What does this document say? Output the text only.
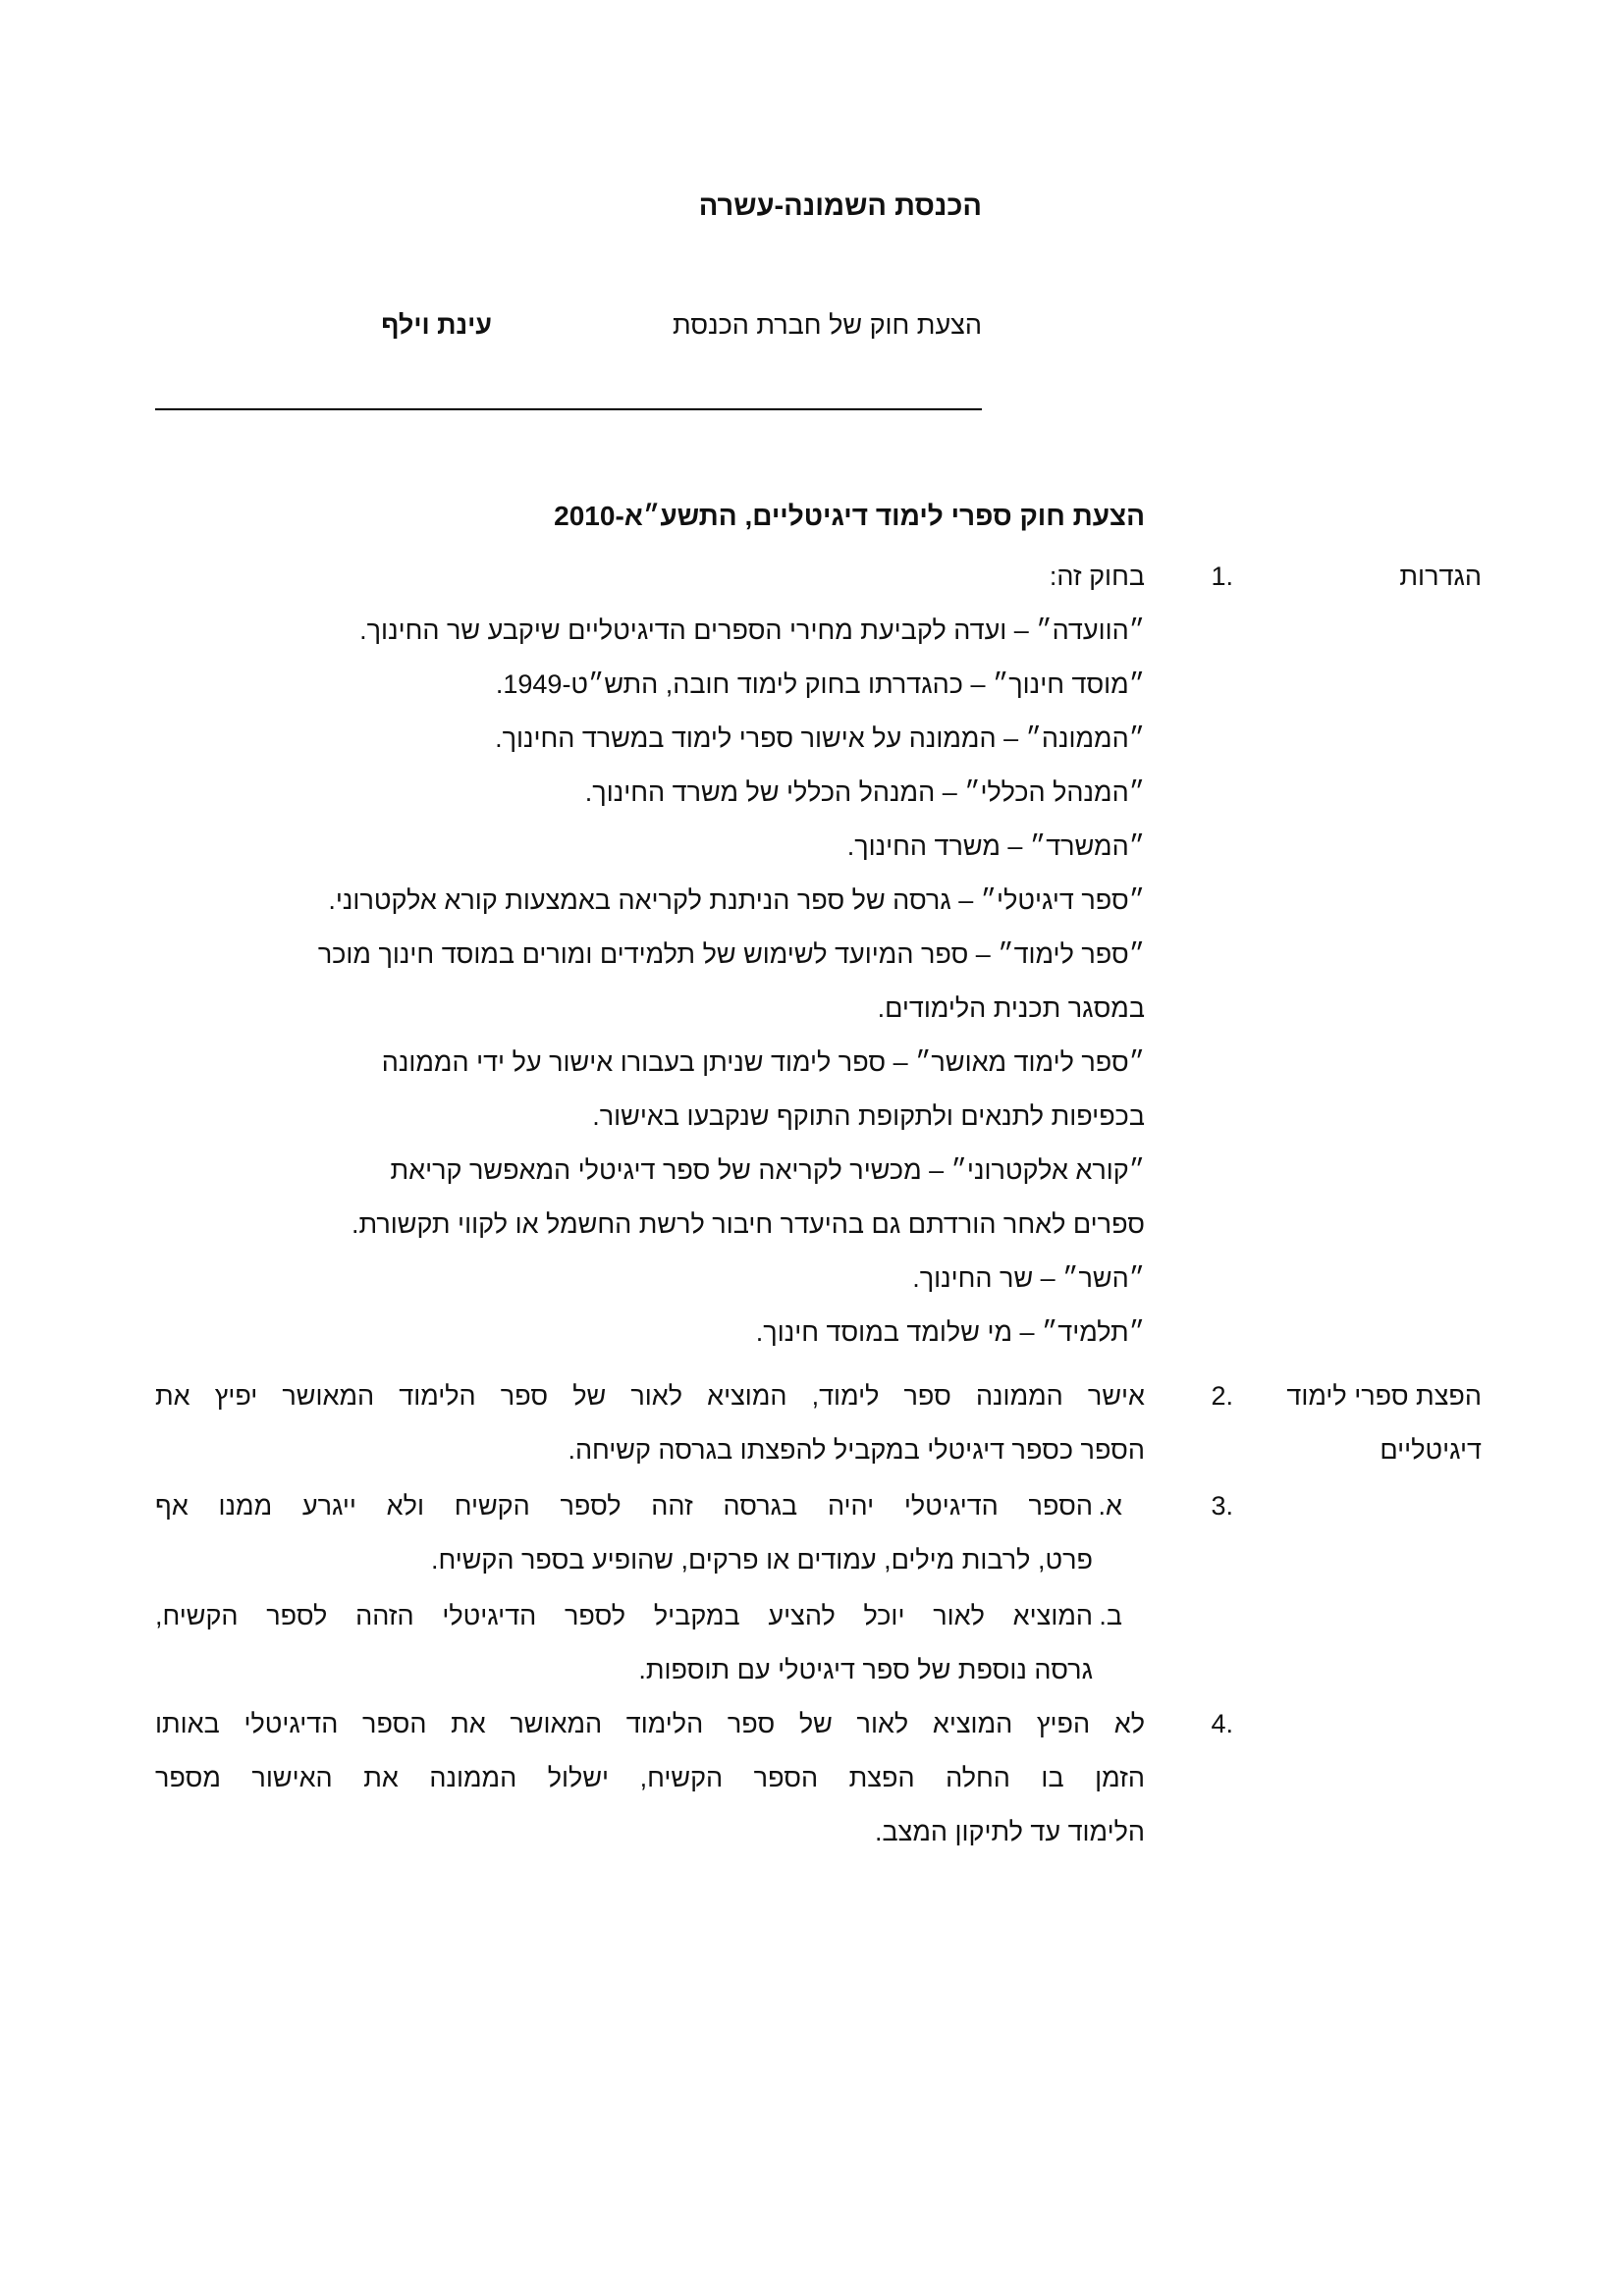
הכנסת השמונה-עשרה
הצעת חוק של חברת הכנסת
עינת וילף
הצעת חוק ספרי לימוד דיגיטליים, התשע״א-2010
הגדרות
1.
בחוק זה:
״הוועדה״ – ועדה לקביעת מחירי הספרים הדיגיטליים שיקבע שר החינוך.
״מוסד חינוך״ – כהגדרתו בחוק לימוד חובה, התש״ט-1949.
״הממונה״ – הממונה על אישור ספרי לימוד במשרד החינוך.
״המנהל הכללי״ – המנהל הכללי של משרד החינוך.
״המשרד״ – משרד החינוך.
״ספר דיגיטלי״ – גרסה של ספר הניתנת לקריאה באמצעות קורא אלקטרוני.
״ספר לימוד״ – ספר המיועד לשימוש של תלמידים ומורים במוסד חינוך מוכר
במסגר תכנית הלימודים.
״ספר לימוד מאושר״ – ספר לימוד שניתן בעבורו אישור על ידי הממונה
בכפיפות לתנאים ולתקופת התוקף שנקבעו באישור.
״קורא אלקטרוני״ – מכשיר לקריאה של ספר דיגיטלי המאפשר קריאת
ספרים לאחר הורדתם גם בהיעדר חיבור לרשת החשמל או לקווי תקשורת.
״השר״ – שר החינוך.
״תלמיד״ – מי שלומד במוסד חינוך.
הפצת ספרי לימוד
דיגיטליים
2.
אישר הממונה ספר לימוד, המוציא לאור של ספר הלימוד המאושר יפיץ את
הספר כספר דיגיטלי במקביל להפצתו בגרסה קשיחה.
3.
א.
הספר הדיגיטלי יהיה בגרסה זהה לספר הקשיח ולא ייגרע ממנו אף
פרט, לרבות מילים, עמודים או פרקים, שהופיע בספר הקשיח.
ב.
המוציא לאור יוכל להציע במקביל לספר הדיגיטלי הזהה לספר הקשיח,
גרסה נוספת של ספר דיגיטלי עם תוספות.
4.
לא הפיץ המוציא לאור של ספר הלימוד המאושר את הספר הדיגיטלי באותו
הזמן בו החלה הפצת הספר הקשיח, ישלול הממונה את האישור מספר
הלימוד עד לתיקון המצב.
